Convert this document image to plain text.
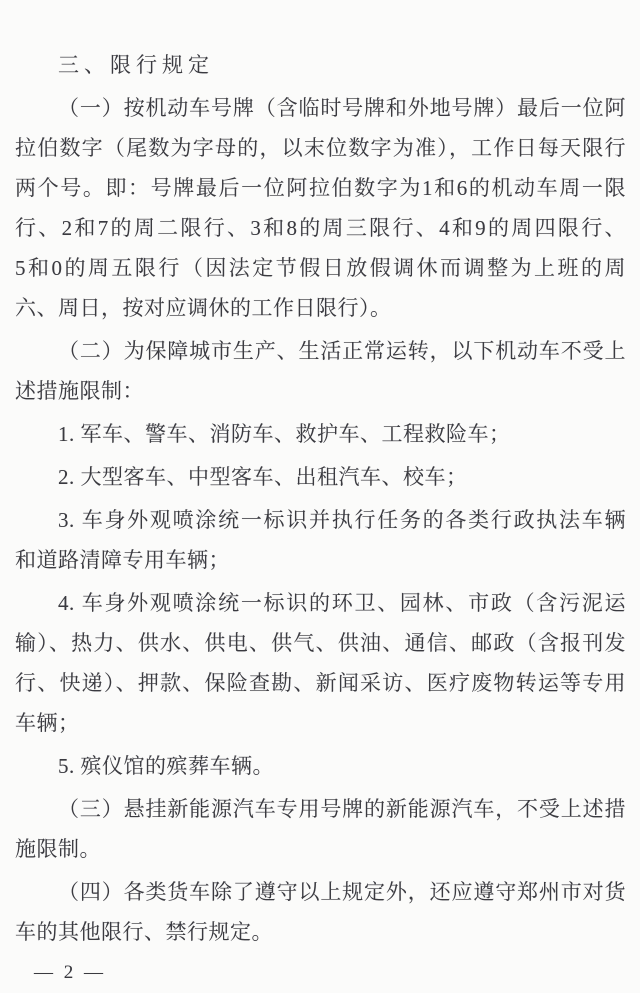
三、限行规定
（一）按机动车号牌（含临时号牌和外地号牌）最后一位阿
拉伯数字（尾数为字母的，以末位数字为准），工作日每天限行
两个号。即：号牌最后一位阿拉伯数字为1和6的机动车周一限
行、2和7的周二限行、3和8的周三限行、4和9的周四限行、
5和0的周五限行（因法定节假日放假调休而调整为上班的周
六、周日，按对应调休的工作日限行）。
（二）为保障城市生产、生活正常运转，以下机动车不受上
述措施限制：
1. 军车、警车、消防车、救护车、工程救险车；
2. 大型客车、中型客车、出租汽车、校车；
3. 车身外观喷涂统一标识并执行任务的各类行政执法车辆
和道路清障专用车辆；
4. 车身外观喷涂统一标识的环卫、园林、市政（含污泥运
输）、热力、供水、供电、供气、供油、通信、邮政（含报刊发
行、快递）、押款、保险查勘、新闻采访、医疗废物转运等专用
车辆；
5. 殡仪馆的殡葬车辆。
（三）悬挂新能源汽车专用号牌的新能源汽车，不受上述措
施限制。
（四）各类货车除了遵守以上规定外，还应遵守郑州市对货
车的其他限行、禁行规定。
— 2 —
